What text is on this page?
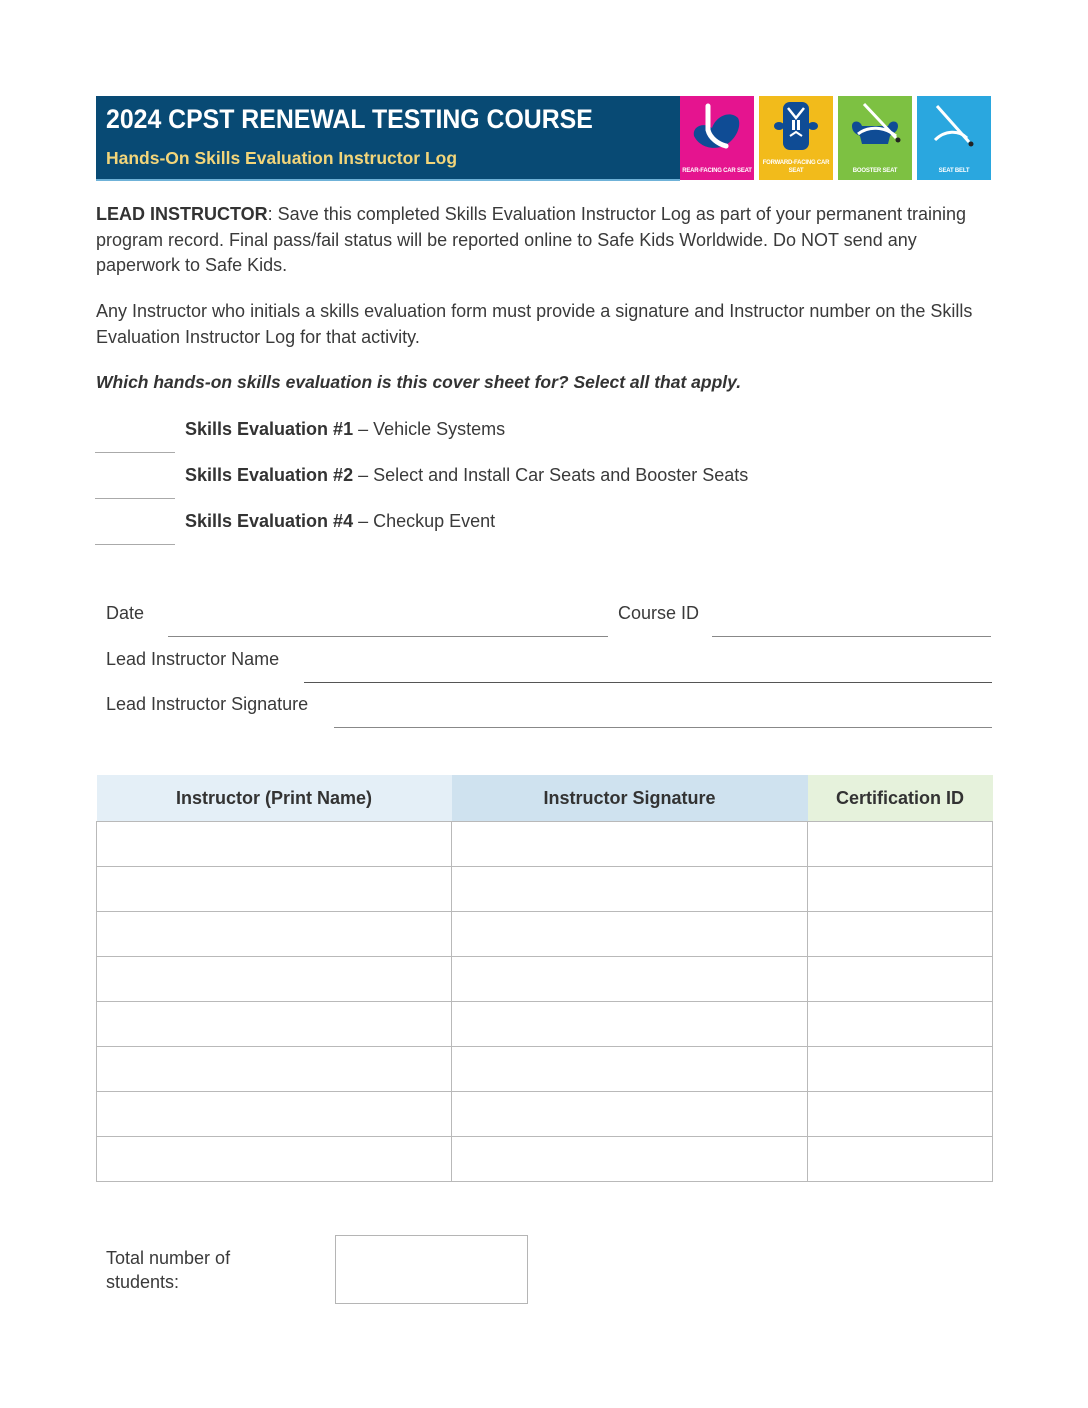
2024 CPST RENEWAL TESTING COURSE
Hands-On Skills Evaluation Instructor Log
REAR-FACING CAR SEAT
FORWARD-FACING CAR SEAT	BOOSTER SEAT	SEAT BELT

LEAD INSTRUCTOR: Save this completed Skills Evaluation Instructor Log as part of your permanent training program record. Final pass/fail status will be reported online to Safe Kids Worldwide. Do NOT send any paperwork to Safe Kids.

Any Instructor who initials a skills evaluation form must provide a signature and Instructor number on the Skills Evaluation Instructor Log for that activity.

Which hands-on skills evaluation is this cover sheet for? Select all that apply.
Skills Evaluation #1 – Vehicle Systems
Skills Evaluation #2 – Select and Install Car Seats and Booster Seats
Skills Evaluation #4 – Checkup Event
Date	Course ID
Lead Instructor Name
Lead Instructor Signature
Instructor (Print Name)	Instructor Signature	Certification ID

Total number of
students:
